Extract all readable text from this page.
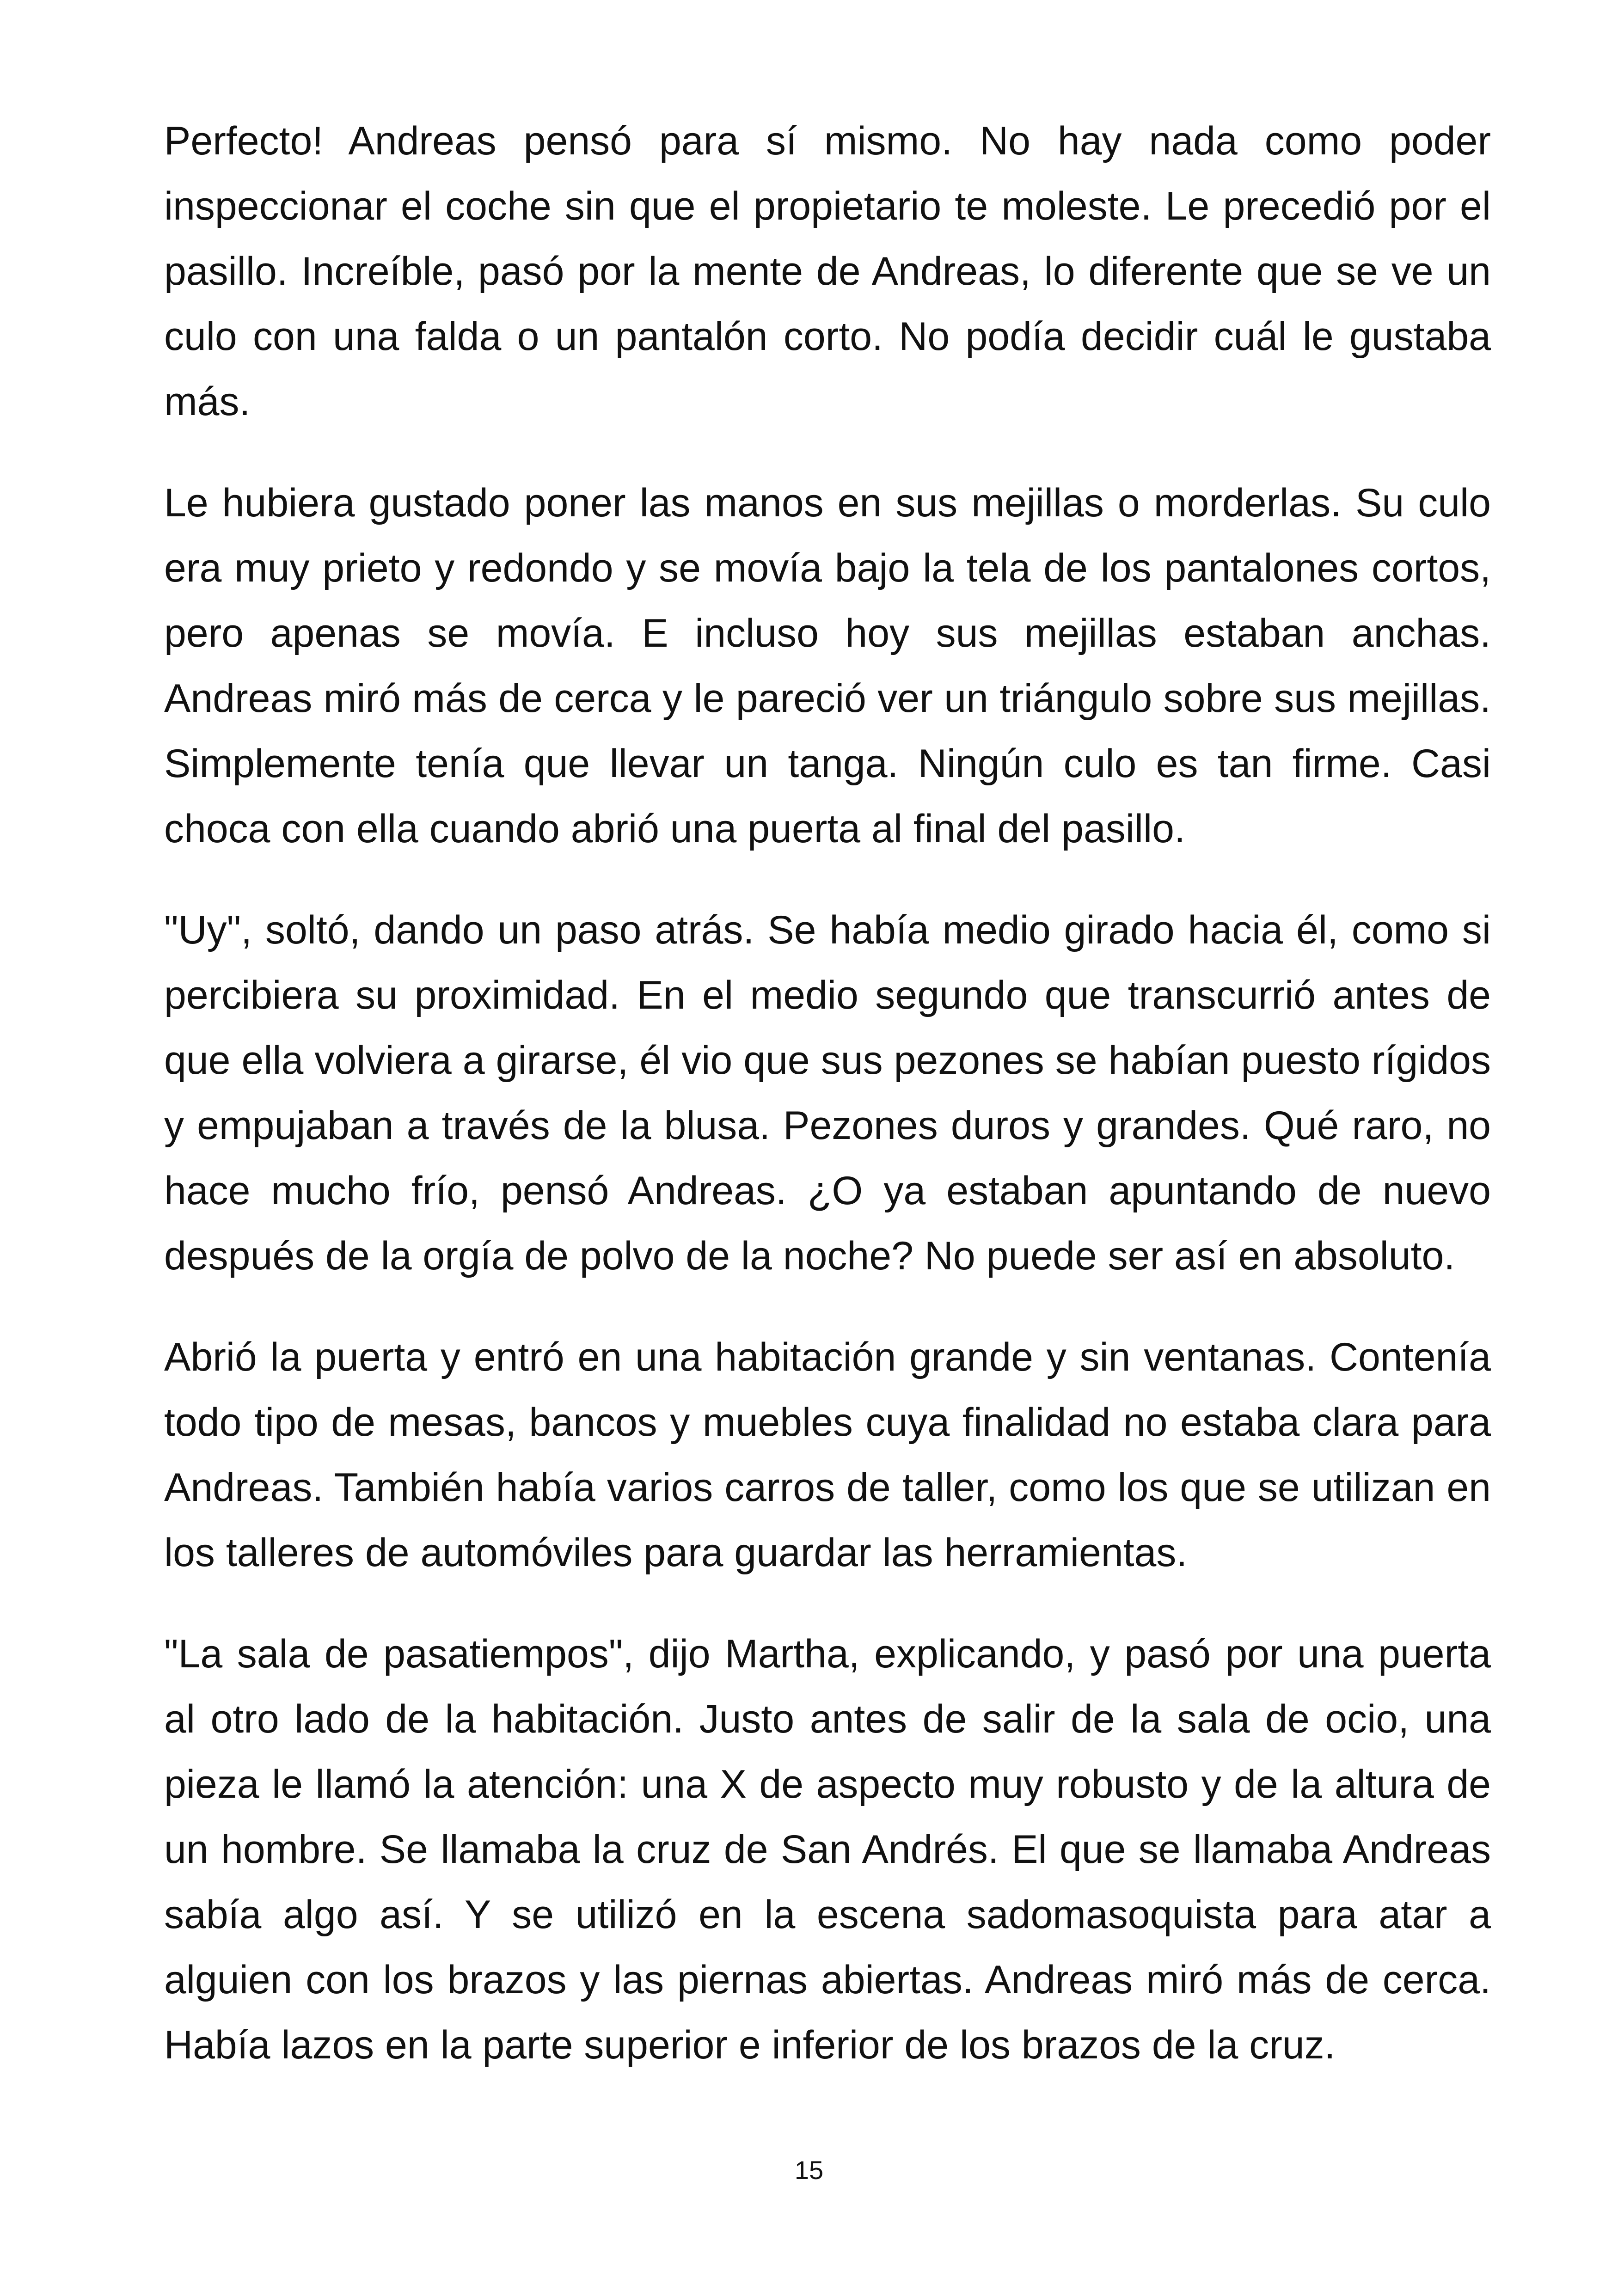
Perfecto! Andreas pensó para sí mismo. No hay nada como poder inspeccionar el coche sin que el propietario te moleste. Le precedió por el pasillo. Increíble, pasó por la mente de Andreas, lo diferente que se ve un culo con una falda o un pantalón corto. No podía decidir cuál le gustaba más.

Le hubiera gustado poner las manos en sus mejillas o morderlas. Su culo era muy prieto y redondo y se movía bajo la tela de los pantalones cortos, pero apenas se movía. E incluso hoy sus mejillas estaban anchas. Andreas miró más de cerca y le pareció ver un triángulo sobre sus mejillas. Simplemente tenía que llevar un tanga. Ningún culo es tan firme. Casi choca con ella cuando abrió una puerta al final del pasillo.

"Uy", soltó, dando un paso atrás. Se había medio girado hacia él, como si percibiera su proximidad. En el medio segundo que transcurrió antes de que ella volviera a girarse, él vio que sus pezones se habían puesto rígidos y empujaban a través de la blusa. Pezones duros y grandes. Qué raro, no hace mucho frío, pensó Andreas. ¿O ya estaban apuntando de nuevo después de la orgía de polvo de la noche? No puede ser así en absoluto.

Abrió la puerta y entró en una habitación grande y sin ventanas. Contenía todo tipo de mesas, bancos y muebles cuya finalidad no estaba clara para Andreas. También había varios carros de taller, como los que se utilizan en los talleres de automóviles para guardar las herramientas.

"La sala de pasatiempos", dijo Martha, explicando, y pasó por una puerta al otro lado de la habitación. Justo antes de salir de la sala de ocio, una pieza le llamó la atención: una X de aspecto muy robusto y de la altura de un hombre. Se llamaba la cruz de San Andrés. El que se llamaba Andreas sabía algo así. Y se utilizó en la escena sadomasoquista para atar a alguien con los brazos y las piernas abiertas. Andreas miró más de cerca. Había lazos en la parte superior e inferior de los brazos de la cruz.

15
